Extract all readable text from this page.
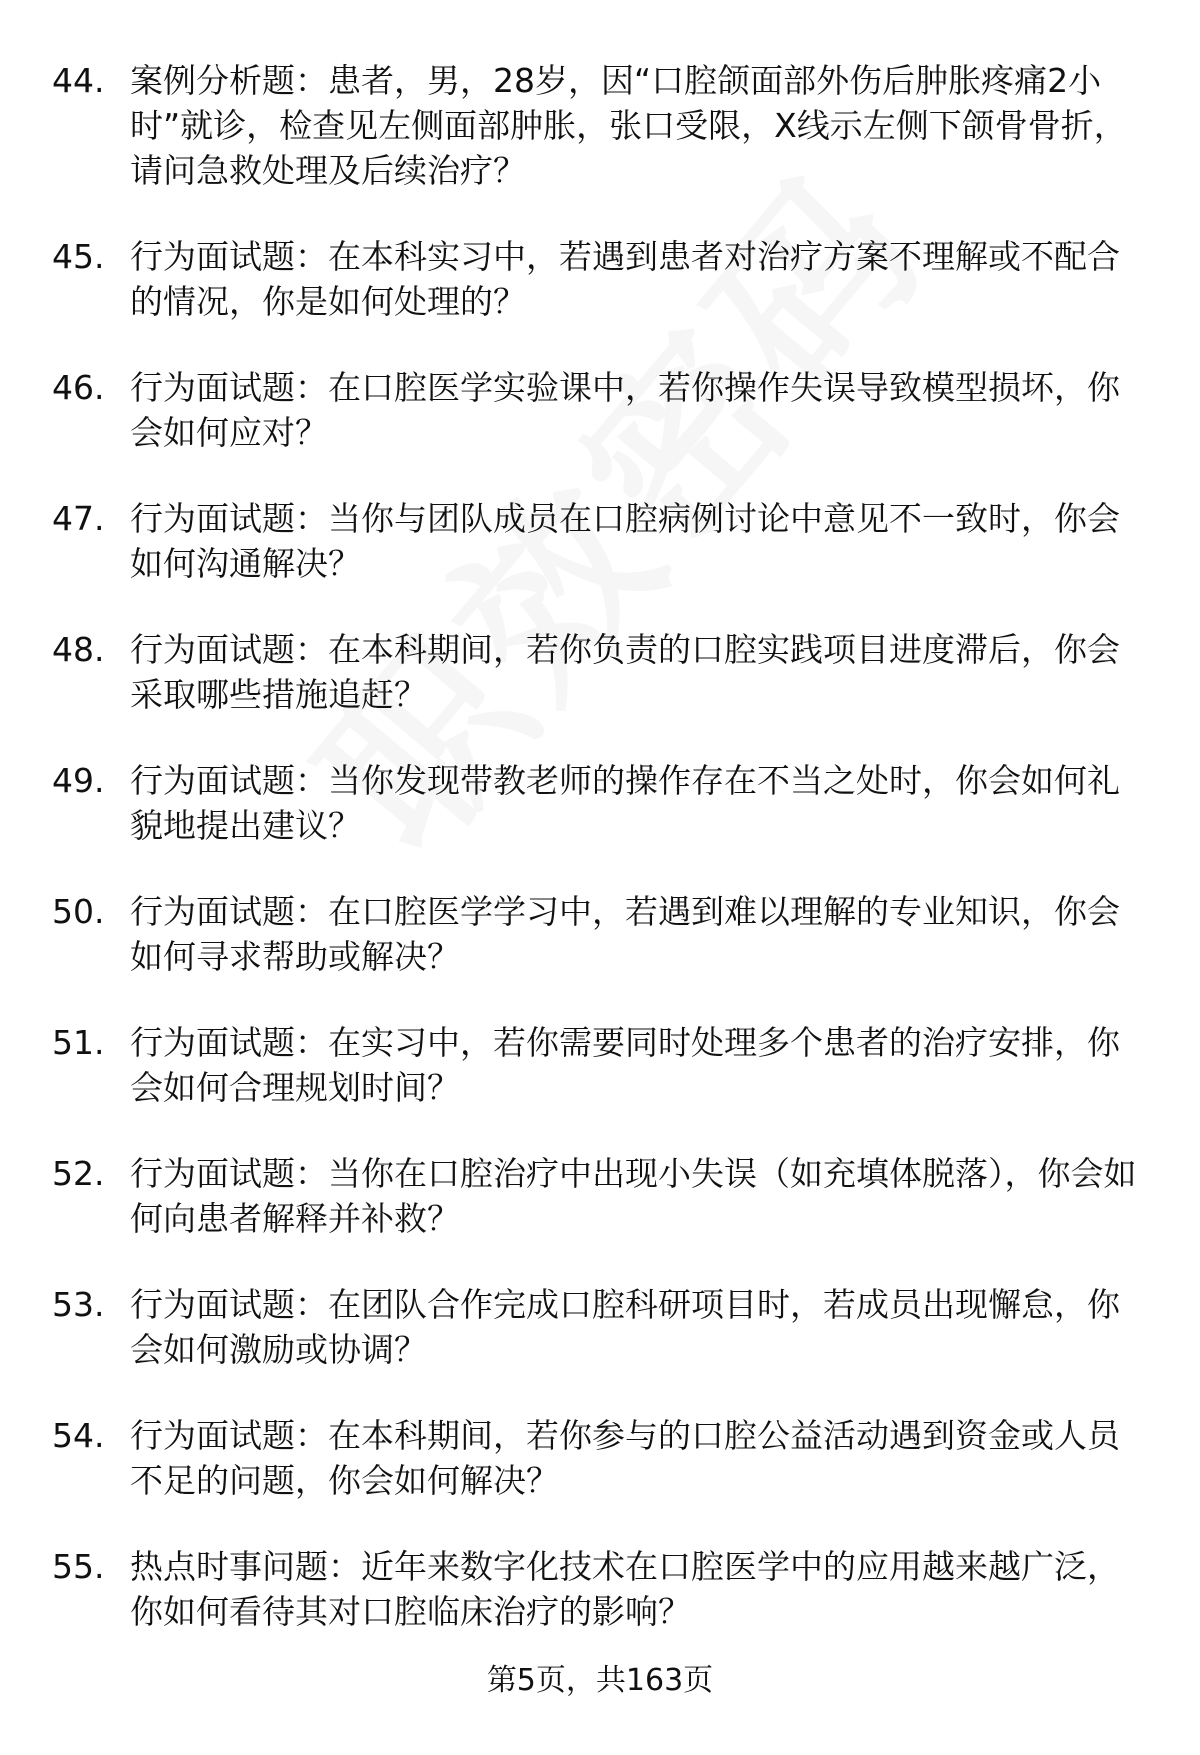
44. 案例分析题：患者，男，28岁，因“口腔颌面部外伤后肿胀疼痛2小时”就诊，检查见左侧面部肿胀，张口受限，X线示左侧下颌骨骨折，请问急救处理及后续治疗？
45. 行为面试题：在本科实习中，若遇到患者对治疗方案不理解或不配合的情况，你是如何处理的？
46. 行为面试题：在口腔医学实验课中，若你操作失误导致模型损坏，你会如何应对？
47. 行为面试题：当你与团队成员在口腔病例讨论中意见不一致时，你会如何沟通解决？
48. 行为面试题：在本科期间，若你负责的口腔实践项目进度滞后，你会采取哪些措施追赶？
49. 行为面试题：当你发现带教老师的操作存在不当之处时，你会如何礼貌地提出建议？
50. 行为面试题：在口腔医学学习中，若遇到难以理解的专业知识，你会如何寻求帮助或解决？
51. 行为面试题：在实习中，若你需要同时处理多个患者的治疗安排，你会如何合理规划时间？
52. 行为面试题：当你在口腔治疗中出现小失误（如充填体脱落），你会如何向患者解释并补救？
53. 行为面试题：在团队合作完成口腔科研项目时，若成员出现懈怠，你会如何激励或协调？
54. 行为面试题：在本科期间，若你参与的口腔公益活动遇到资金或人员不足的问题，你会如何解决？
55. 热点时事问题：近年来数字化技术在口腔医学中的应用越来越广泛，你如何看待其对口腔临床治疗的影响？
第5页，共163页
